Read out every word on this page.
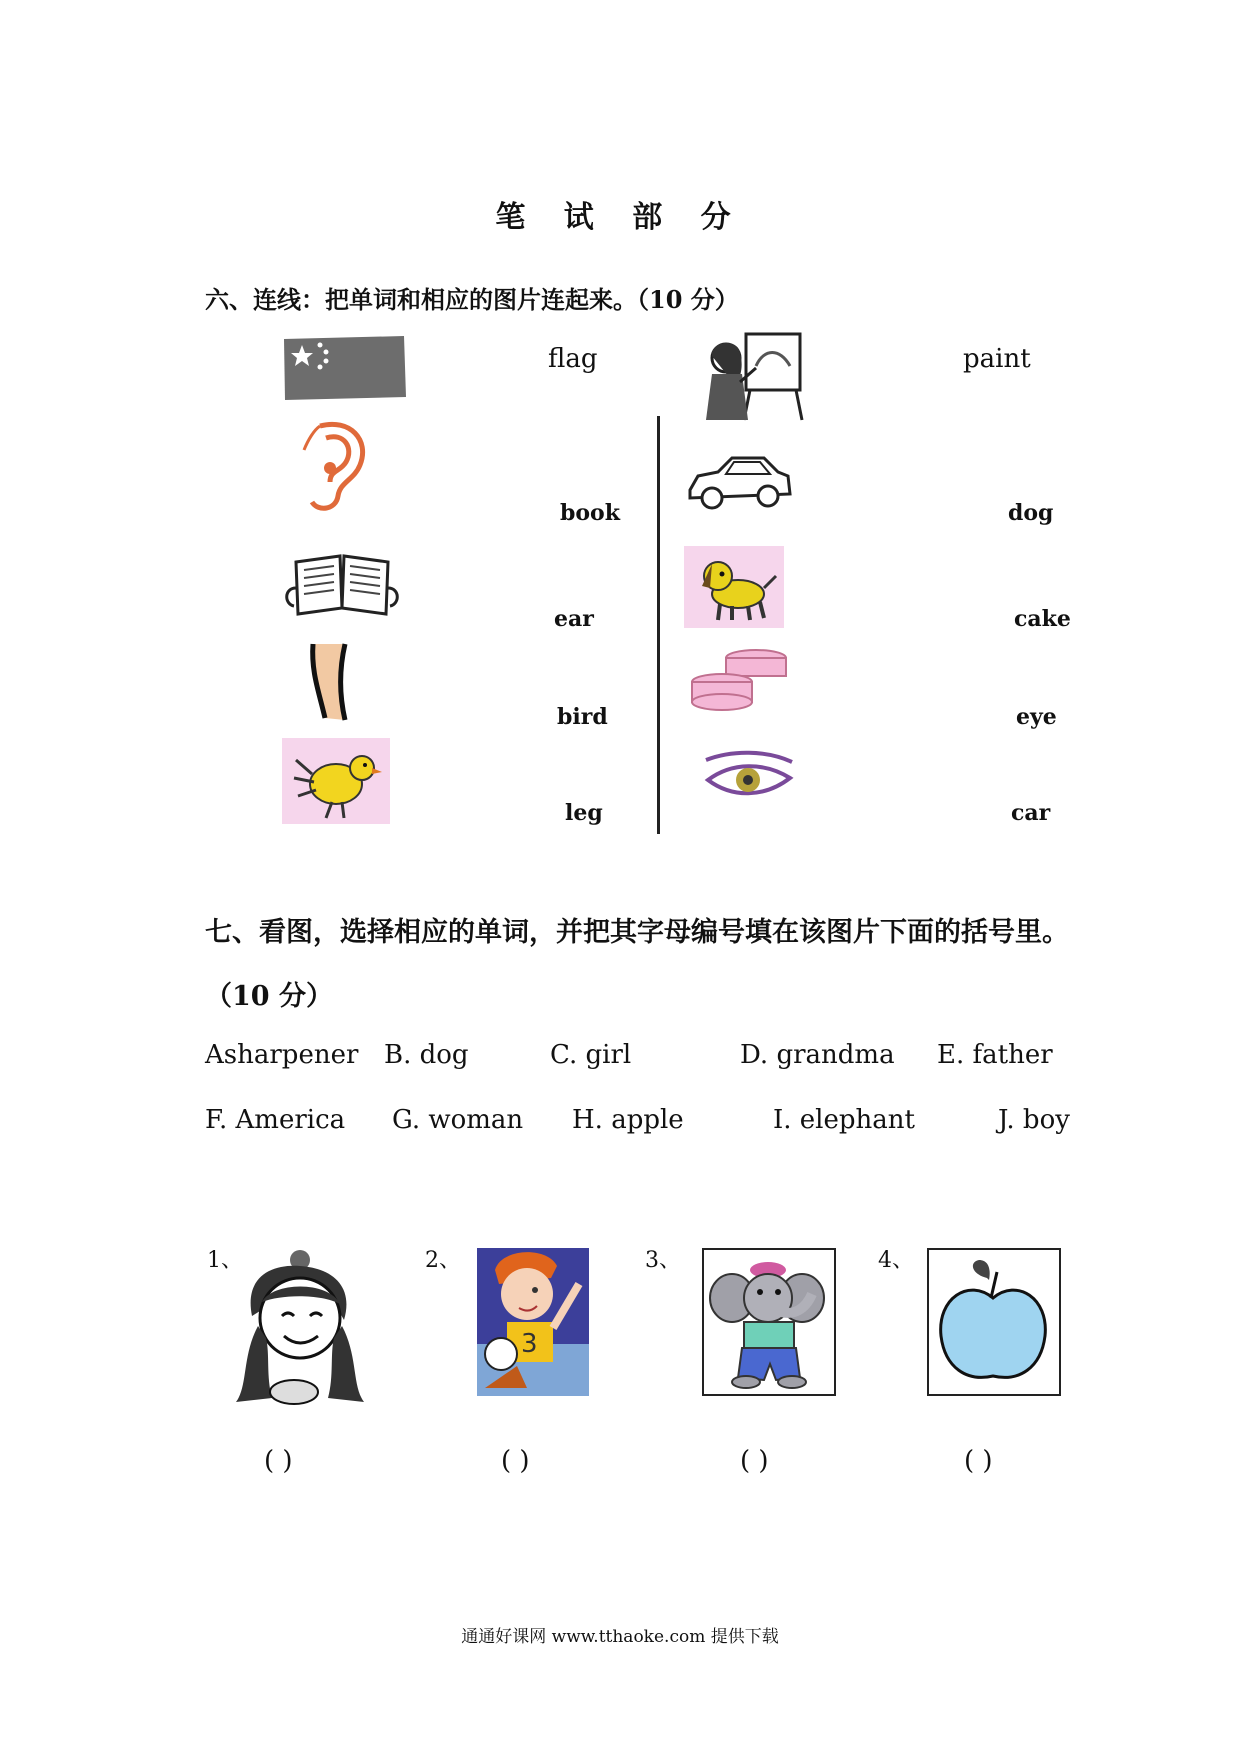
笔 试 部 分
六、连线：把单词和相应的图片连起来。（10 分）
flag	paint
book
ear
bird
leg
dog
cake
eye
car
七、看图，选择相应的单词，并把其字母编号填在该图片下面的括号里。
（10 分）
Asharpener B. dog	C. girl	D. grandma E. father
F. America G. woman H. apple	I. elephant	J. boy
1、	2、	3、	4、
3
( )	( )	( )	( )
通通好课网 www.tthaoke.com 提供下载
